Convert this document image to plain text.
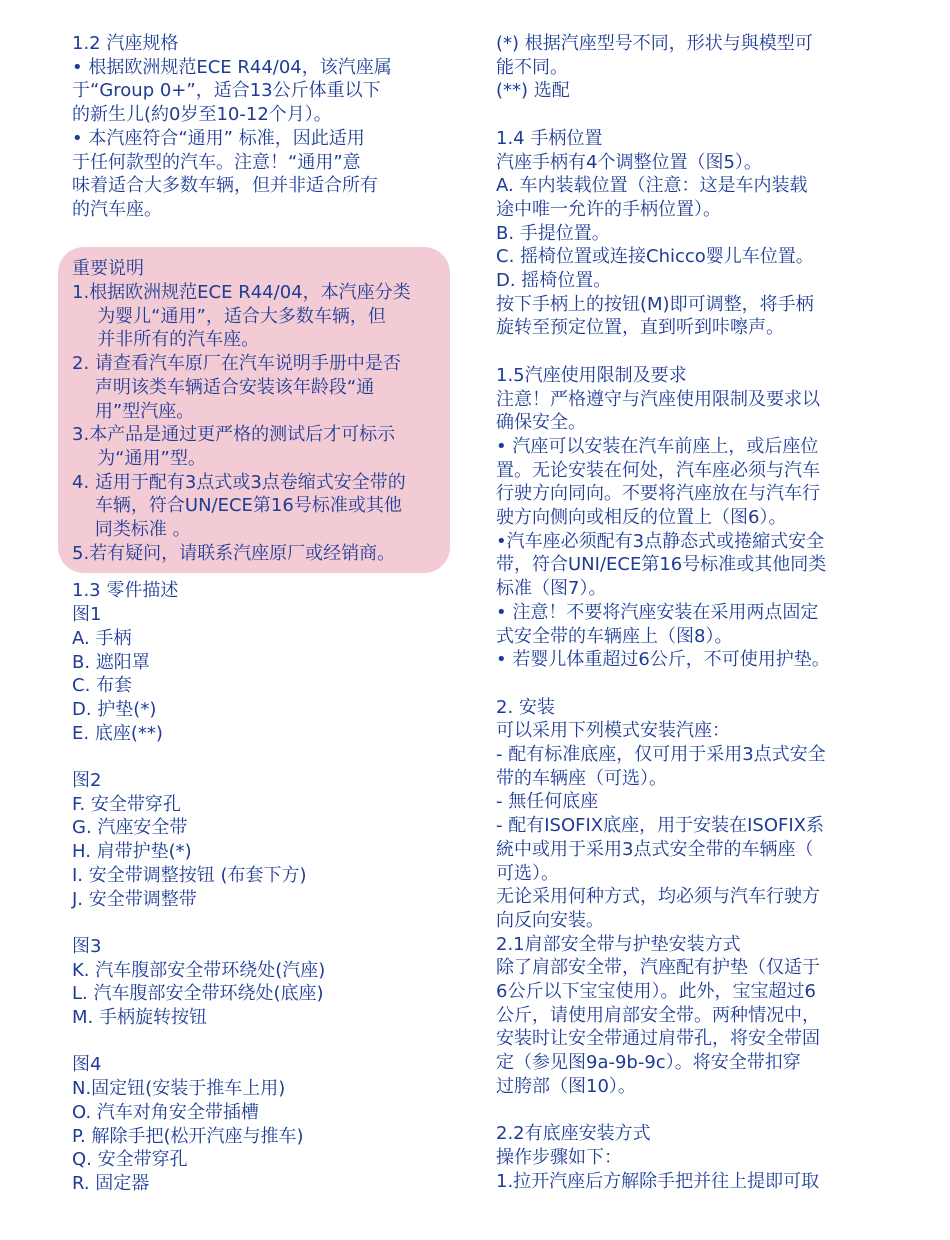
1.2 汽座规格
• 根据欧洲规范ECE R44/04，该汽座属
于“Group 0+”，适合13公斤体重以下
的新生儿(約0岁至10-12个月）。
• 本汽座符合“通用” 标准，因此适用
于任何款型的汽车。注意！“通用”意
味着适合大多数车辆，但并非适合所有
的汽车座。
重要说明
1. 根据欧洲规范ECE R44/04，本汽座分类
为婴儿“通用”，适合大多数车辆，但
并非所有的汽车座。
2. 请查看汽车原厂在汽车说明手册中是否
声明该类车辆适合安装该年龄段“通
用”型汽座。
3. 本产品是通过更严格的测试后才可标示
为“通用”型。
4. 适用于配有3点式或3点卷缩式安全带的
车辆，符合UN/ECE第16号标准或其他
同类标准 。
5. 若有疑问，请联系汽座原厂或经销商。
1.3 零件描述
图1
A. 手柄
B. 遮阳罩
C. 布套
D. 护垫(*)
E. 底座(**)
图2
F. 安全带穿孔
G. 汽座安全带
H. 肩带护垫(*)
I. 安全带调整按钮 (布套下方)
J. 安全带调整带
图3
K. 汽车腹部安全带环绕处(汽座)
L. 汽车腹部安全带环绕处(底座)
M. 手柄旋转按钮
图4
N.固定钮(安装于推车上用)
O. 汽车对角安全带插槽
P. 解除手把(松开汽座与推车)
Q. 安全带穿孔
R. 固定器
(*) 根据汽座型号不同，形状与與模型可
能不同。
(**) 选配
1.4 手柄位置
汽座手柄有4个调整位置（图5）。
A. 车内装载位置（注意：这是车内装载
途中唯一允许的手柄位置）。
B. 手提位置。
C. 摇椅位置或连接Chicco婴儿车位置。
D. 摇椅位置。
按下手柄上的按钮(M)即可调整，将手柄
旋转至预定位置，直到听到咔嚓声。
1.5汽座使用限制及要求
注意！严格遵守与汽座使用限制及要求以
确保安全。
• 汽座可以安装在汽车前座上，或后座位
置。无论安装在何处，汽车座必须与汽车
行驶方向同向。不要将汽座放在与汽车行
驶方向侧向或相反的位置上（图6）。
•汽车座必须配有3点静态式或捲縮式安全
带，符合UNI/ECE第16号标准或其他同类
标准（图7）。
• 注意！不要将汽座安装在采用两点固定
式安全带的车辆座上（图8）。
• 若婴儿体重超过6公斤，不可使用护垫。
2. 安装
可以采用下列模式安装汽座：
- 配有标准底座，仅可用于采用3点式安全
带的车辆座（可选）。
- 無任何底座
- 配有ISOFIX底座，用于安装在ISOFIX系
統中或用于采用3点式安全带的车辆座（
可选）。
无论采用何种方式，均必须与汽车行驶方
向反向安装。
2.1肩部安全带与护垫安装方式
除了肩部安全带，汽座配有护垫（仅适于
6公斤以下宝宝使用）。此外，宝宝超过6
公斤，请使用肩部安全带。两种情况中，
安装时让安全带通过肩带孔，将安全带固
定（参见图9a-9b-9c）。将安全带扣穿
过胯部（图10）。
2.2有底座安装方式
操作步骤如下：
1.拉开汽座后方解除手把并往上提即可取
